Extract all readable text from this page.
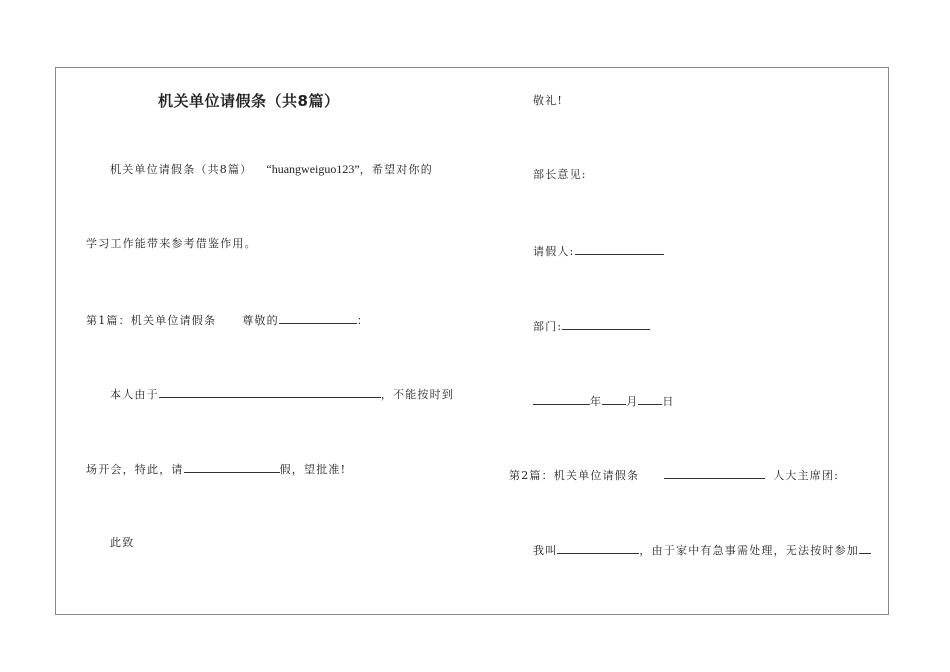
机关单位请假条（共8篇）
机关单位请假条（共8篇） “huangweiguo123”，希望对你的
学习工作能带来参考借鉴作用。
第1篇：机关单位请假条 尊敬的	：
本人由于	，不能按时到
场开会，特此，请	假，望批准!
此致
敬礼!
部长意见:
请假人:
部门:
年 月 日
第2篇：机关单位请假条	人大主席团:
我叫	，由于家中有急事需处理，无法按时参加
